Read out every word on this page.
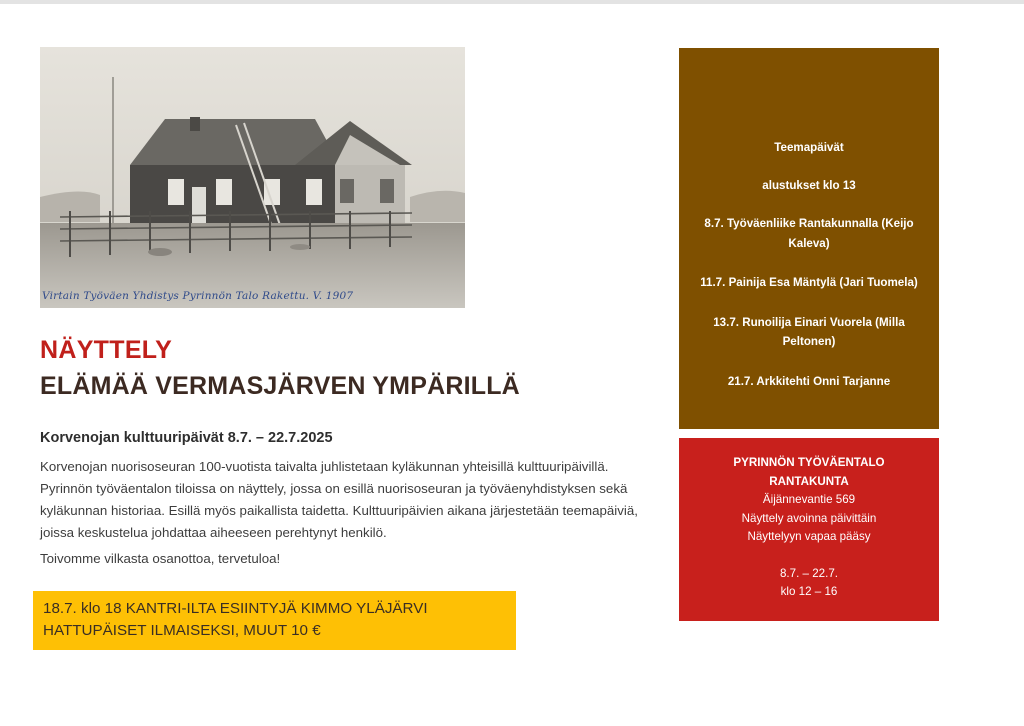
Virtain Työväen Yhdistys Pyrinnön Talo Rakettu. V. 1907
NÄYTTELY
ELÄMÄÄ VERMASJÄRVEN YMPÄRILLÄ
Korvenojan kulttuuripäivät 8.7. – 22.7.2025
Korvenojan nuorisoseuran 100-vuotista taivalta juhlistetaan kyläkunnan yhteisillä kulttuuripäivillä. Pyrinnön työväentalon tiloissa on näyttely, jossa on esillä nuorisoseuran ja työväenyhdistyksen sekä kyläkunnan historiaa. Esillä myös paikallista taidetta. Kulttuuripäivien aikana järjestetään teemapäiviä, joissa keskustelua johdattaa aiheeseen perehtynyt henkilö.
Toivomme vilkasta osanottoa, tervetuloa!
18.7. klo 18 KANTRI-ILTA ESIINTYJÄ KIMMO YLÄJÄRVI
HATTUPÄISET ILMAISEKSI, MUUT 10 €
Teemapäivät
alustukset klo 13
8.7. Työväenliike Rantakunnalla (Keijo Kaleva)
11.7. Painija Esa Mäntylä (Jari Tuomela)
13.7. Runoilija Einari Vuorela (Milla Peltonen)
21.7. Arkkitehti Onni Tarjanne
PYRINNÖN TYÖVÄENTALO
RANTAKUNTA
Äijännevantie 569
Näyttely avoinna päivittäin
Näyttelyyn vapaa pääsy
8.7. – 22.7.
klo 12 – 16
